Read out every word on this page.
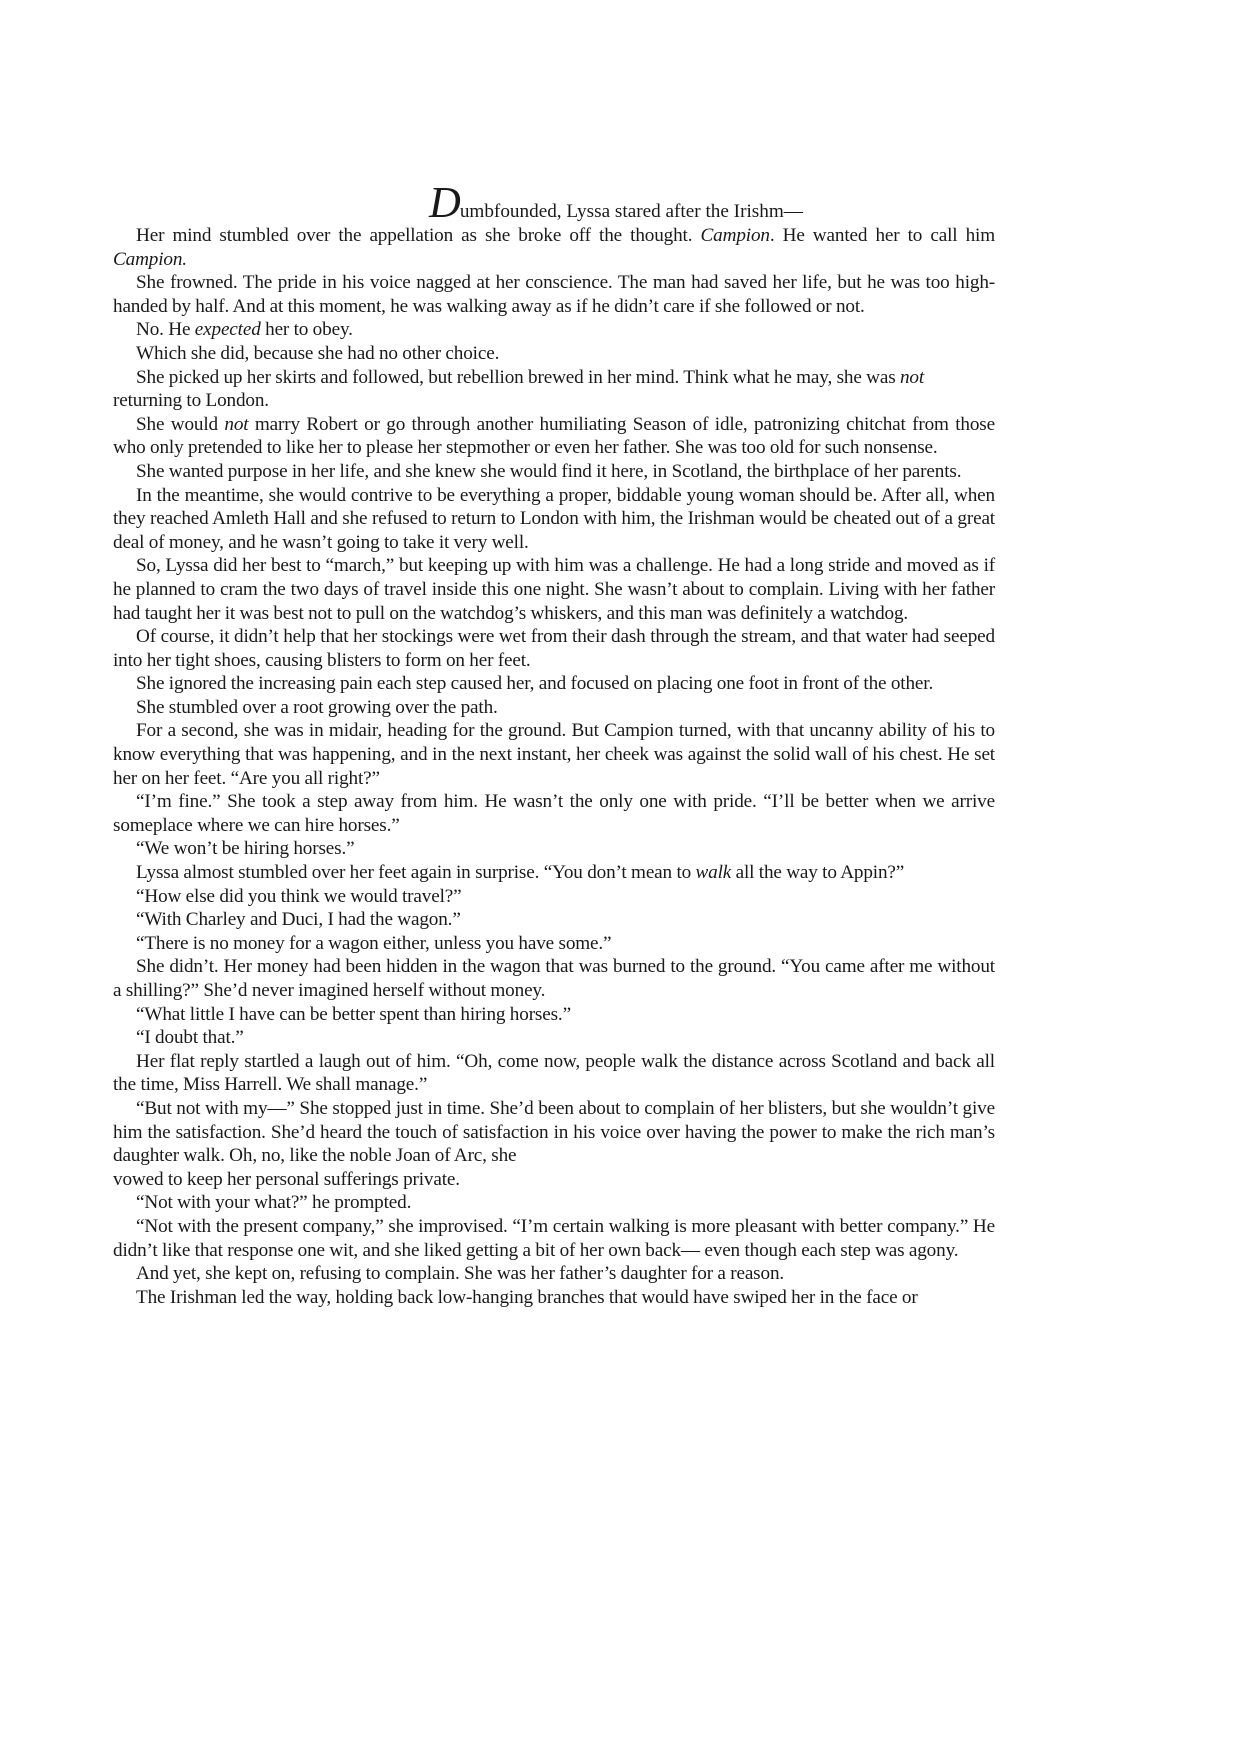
Dumbfounded, Lyssa stared after the Irishm—

Her mind stumbled over the appellation as she broke off the thought. Campion. He wanted her to call him Campion.

She frowned. The pride in his voice nagged at her conscience. The man had saved her life, but he was too high-handed by half. And at this moment, he was walking away as if he didn’t care if she followed or not.

No. He expected her to obey.

Which she did, because she had no other choice.

She picked up her skirts and followed, but rebellion brewed in her mind. Think what he may, she was not
returning to London.

She would not marry Robert or go through another humiliating Season of idle, patronizing chitchat from those who only pretended to like her to please her stepmother or even her father. She was too old for such nonsense.

She wanted purpose in her life, and she knew she would find it here, in Scotland, the birthplace of her parents.

In the meantime, she would contrive to be everything a proper, biddable young woman should be. After all, when they reached Amleth Hall and she refused to return to London with him, the Irishman would be cheated out of a great deal of money, and he wasn’t going to take it very well.

So, Lyssa did her best to “march,” but keeping up with him was a challenge. He had a long stride and moved as if he planned to cram the two days of travel inside this one night. She wasn’t about to complain. Living with her father had taught her it was best not to pull on the watchdog’s whiskers, and this man was definitely a watchdog.

Of course, it didn’t help that her stockings were wet from their dash through the stream, and that water had seeped into her tight shoes, causing blisters to form on her feet.

She ignored the increasing pain each step caused her, and focused on placing one foot in front of the other.

She stumbled over a root growing over the path.

For a second, she was in midair, heading for the ground. But Campion turned, with that uncanny ability of his to know everything that was happening, and in the next instant, her cheek was against the solid wall of his chest. He set her on her feet. “Are you all right?”

“I’m fine.” She took a step away from him. He wasn’t the only one with pride. “I’ll be better when we arrive someplace where we can hire horses.”

“We won’t be hiring horses.”

Lyssa almost stumbled over her feet again in surprise. “You don’t mean to walk all the way to Appin?”

“How else did you think we would travel?”

“With Charley and Duci, I had the wagon.”

“There is no money for a wagon either, unless you have some.”

She didn’t. Her money had been hidden in the wagon that was burned to the ground. “You came after me without a shilling?” She’d never imagined herself without money.

“What little I have can be better spent than hiring horses.”

“I doubt that.”

Her flat reply startled a laugh out of him. “Oh, come now, people walk the distance across Scotland and back all the time, Miss Harrell. We shall manage.”

“But not with my—” She stopped just in time. She’d been about to complain of her blisters, but she wouldn’t give him the satisfaction. She’d heard the touch of satisfaction in his voice over having the power to make the rich man’s daughter walk. Oh, no, like the noble Joan of Arc, she
vowed to keep her personal sufferings private.

“Not with your what?” he prompted.

“Not with the present company,” she improvised. “I’m certain walking is more pleasant with better company.” He didn’t like that response one wit, and she liked getting a bit of her own back— even though each step was agony.

And yet, she kept on, refusing to complain. She was her father’s daughter for a reason.

The Irishman led the way, holding back low-hanging branches that would have swiped her in the face or
